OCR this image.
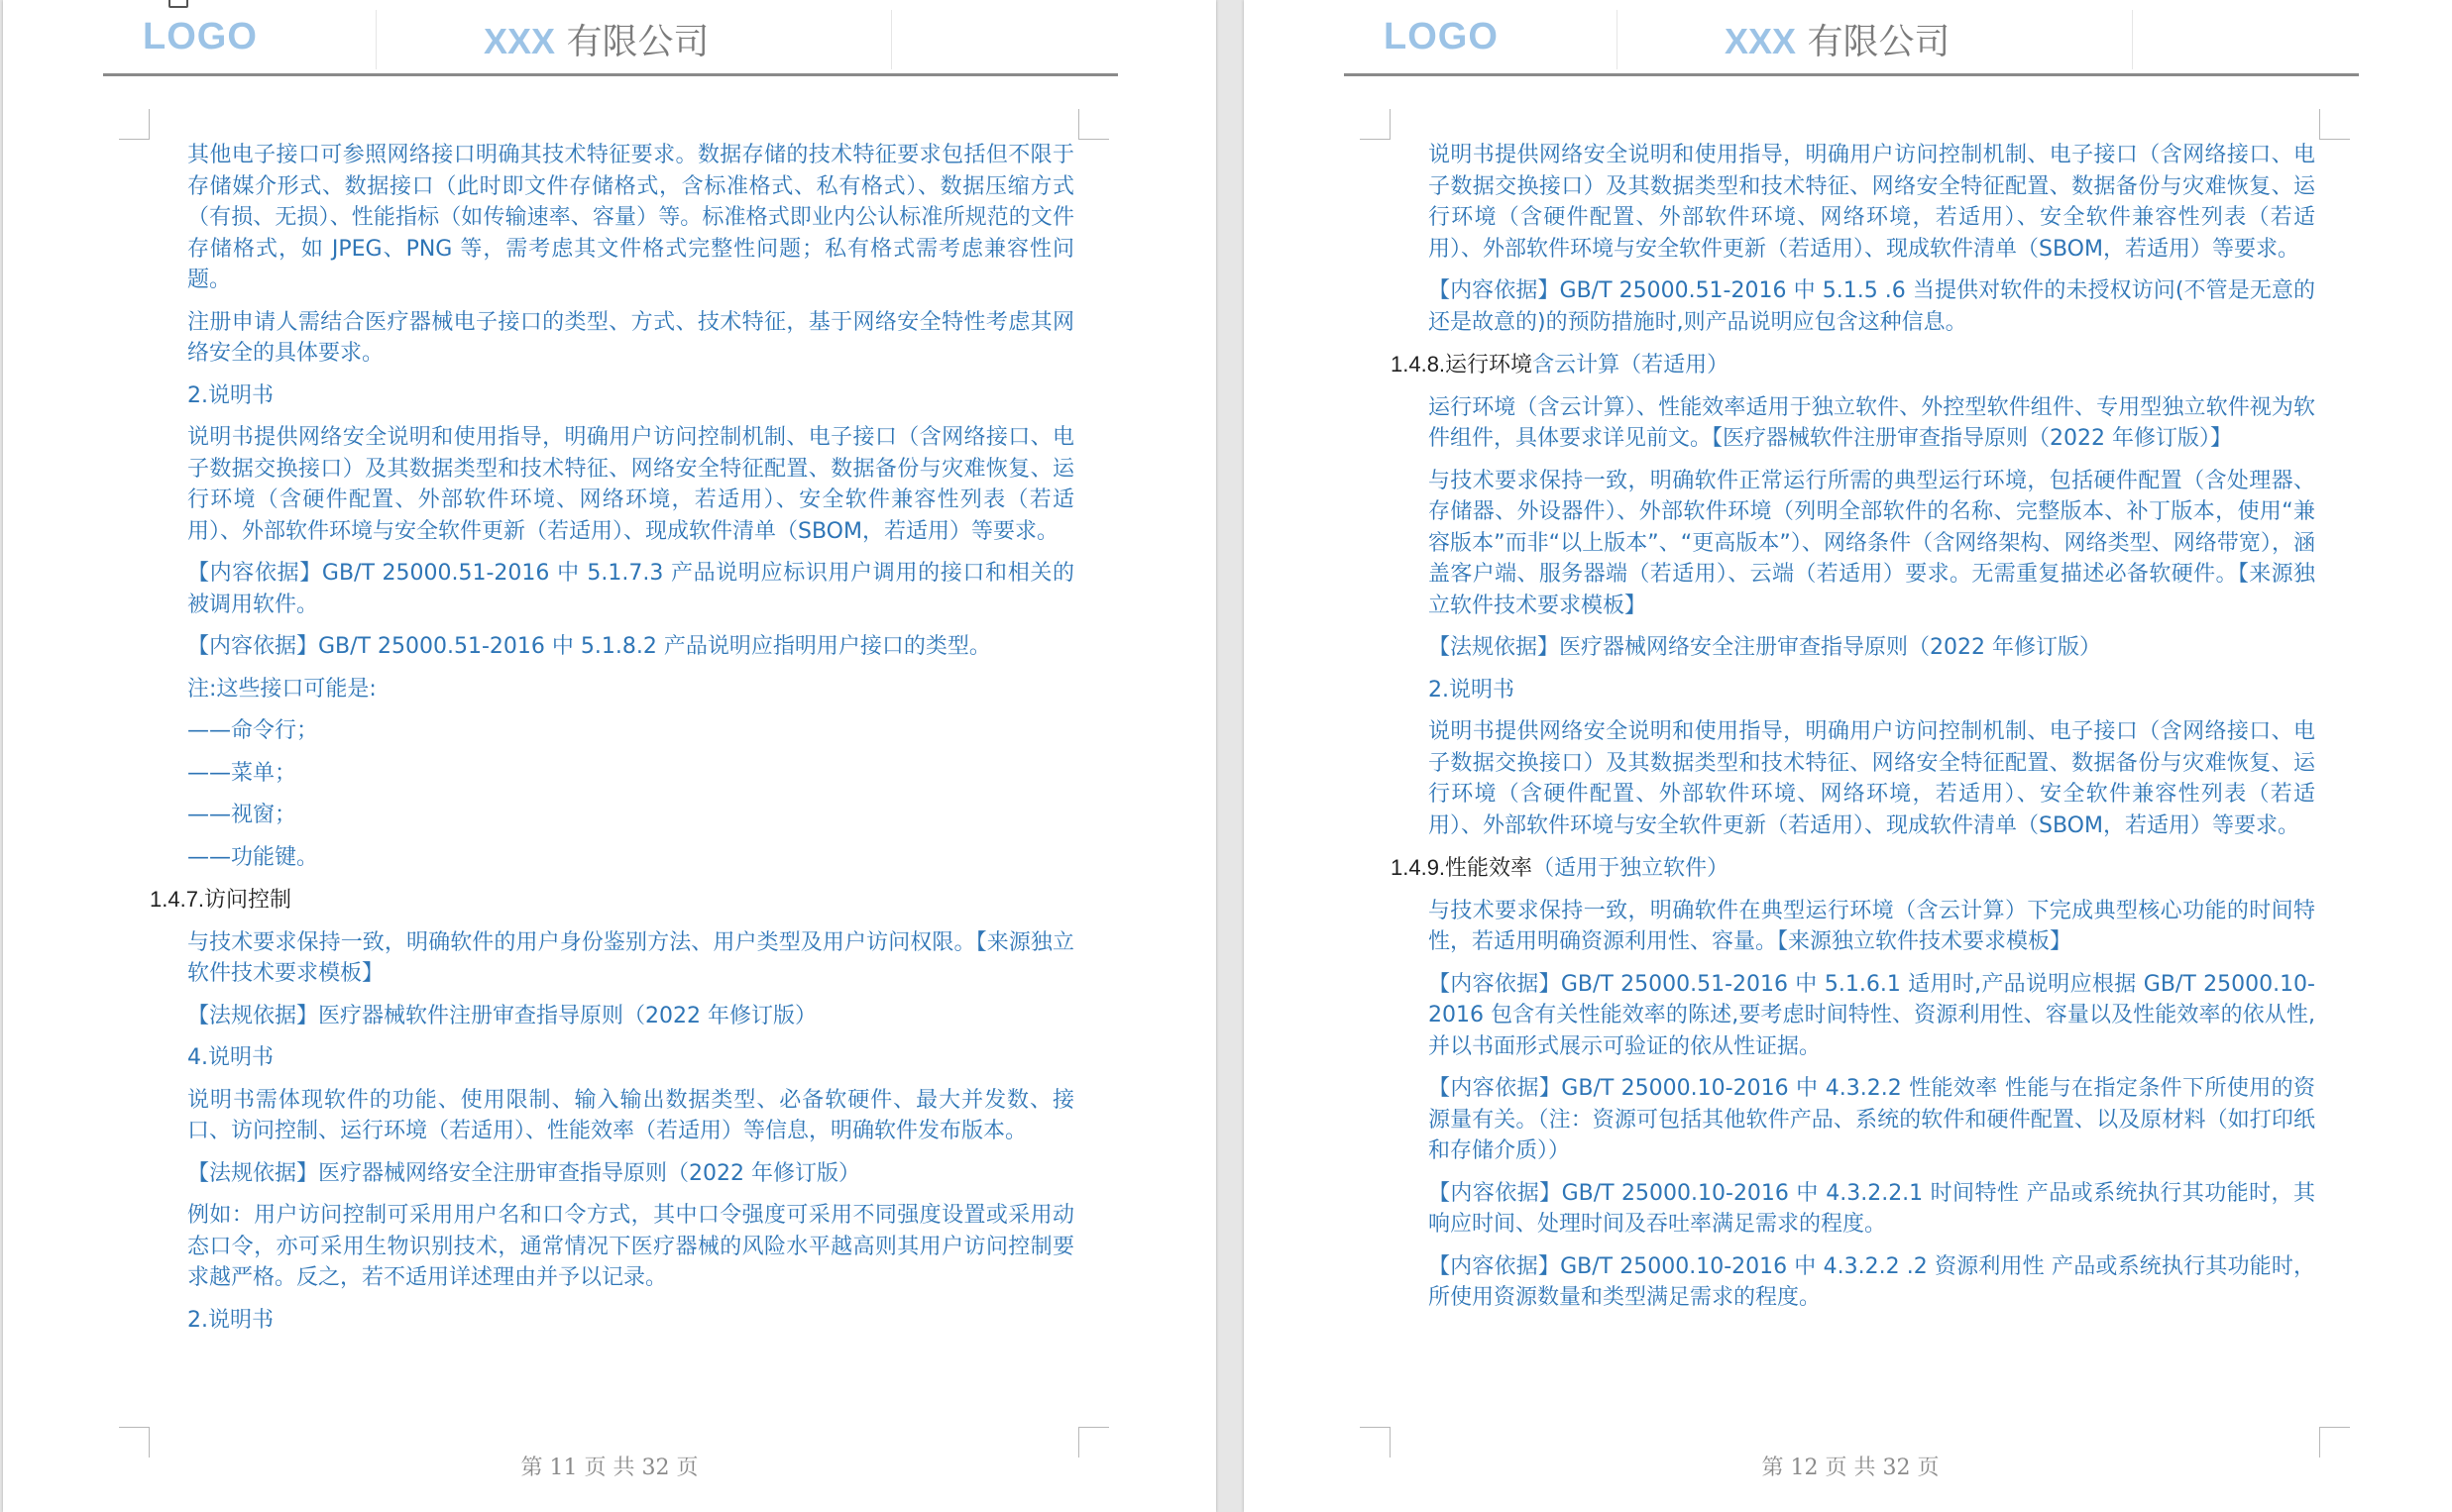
LOGO	XXX 有限公司
其他电子接口可参照网络接口明确其技术特征要求。数据存储的技术特征要求包括但不限于存储媒介形式、数据接口（此时即文件存储格式，含标准格式、私有格式）、数据压缩方式（有损、无损）、性能指标（如传输速率、容量）等。标准格式即业内公认标准所规范的文件存储格式，如 JPEG、PNG 等，需考虑其文件格式完整性问题；私有格式需考虑兼容性问题。
注册申请人需结合医疗器械电子接口的类型、方式、技术特征，基于网络安全特性考虑其网络安全的具体要求。
2.说明书
说明书提供网络安全说明和使用指导，明确用户访问控制机制、电子接口（含网络接口、电子数据交换接口）及其数据类型和技术特征、网络安全特征配置、数据备份与灾难恢复、运行环境（含硬件配置、外部软件环境、网络环境，若适用）、安全软件兼容性列表（若适用）、外部软件环境与安全软件更新（若适用）、现成软件清单（SBOM，若适用）等要求。
【内容依据】GB/T 25000.51-2016 中 5.1.7.3 产品说明应标识用户调用的接口和相关的被调用软件。
【内容依据】GB/T 25000.51-2016 中 5.1.8.2 产品说明应指明用户接口的类型。
注:这些接口可能是:
——命令行；
——菜单；
——视窗；
——功能键。
1.4.7.访问控制
与技术要求保持一致，明确软件的用户身份鉴别方法、用户类型及用户访问权限。【来源独立软件技术要求模板】
【法规依据】医疗器械软件注册审查指导原则（2022 年修订版）
4.说明书
说明书需体现软件的功能、使用限制、输入输出数据类型、必备软硬件、最大并发数、接口、访问控制、运行环境（若适用）、性能效率（若适用）等信息，明确软件发布版本。
【法规依据】医疗器械网络安全注册审查指导原则（2022 年修订版）
例如：用户访问控制可采用用户名和口令方式，其中口令强度可采用不同强度设置或采用动态口令，亦可采用生物识别技术，通常情况下医疗器械的风险水平越高则其用户访问控制要求越严格。反之，若不适用详述理由并予以记录。
2.说明书
第 11 页 共 32 页
LOGO	XXX 有限公司
说明书提供网络安全说明和使用指导，明确用户访问控制机制、电子接口（含网络接口、电子数据交换接口）及其数据类型和技术特征、网络安全特征配置、数据备份与灾难恢复、运行环境（含硬件配置、外部软件环境、网络环境，若适用）、安全软件兼容性列表（若适用）、外部软件环境与安全软件更新（若适用）、现成软件清单（SBOM，若适用）等要求。
【内容依据】GB/T 25000.51-2016 中 5.1.5 .6 当提供对软件的未授权访问(不管是无意的还是故意的)的预防措施时,则产品说明应包含这种信息。
1.4.8.运行环境含云计算（若适用）
运行环境（含云计算）、性能效率适用于独立软件、外控型软件组件、专用型独立软件视为软件组件，具体要求详见前文。【医疗器械软件注册审查指导原则（2022 年修订版）】
与技术要求保持一致，明确软件正常运行所需的典型运行环境，包括硬件配置（含处理器、存储器、外设器件）、外部软件环境（列明全部软件的名称、完整版本、补丁版本，使用“兼容版本”而非“以上版本”、“更高版本”）、网络条件（含网络架构、网络类型、网络带宽），涵盖客户端、服务器端（若适用）、云端（若适用）要求。无需重复描述必备软硬件。【来源独立软件技术要求模板】
【法规依据】医疗器械网络安全注册审查指导原则（2022 年修订版）
2.说明书
说明书提供网络安全说明和使用指导，明确用户访问控制机制、电子接口（含网络接口、电子数据交换接口）及其数据类型和技术特征、网络安全特征配置、数据备份与灾难恢复、运行环境（含硬件配置、外部软件环境、网络环境，若适用）、安全软件兼容性列表（若适用）、外部软件环境与安全软件更新（若适用）、现成软件清单（SBOM，若适用）等要求。
1.4.9.性能效率（适用于独立软件）
与技术要求保持一致，明确软件在典型运行环境（含云计算）下完成典型核心功能的时间特性，若适用明确资源利用性、容量。【来源独立软件技术要求模板】
【内容依据】GB/T 25000.51-2016 中 5.1.6.1 适用时,产品说明应根据 GB/T 25000.10-2016 包含有关性能效率的陈述,要考虑时间特性、资源利用性、容量以及性能效率的依从性,并以书面形式展示可验证的依从性证据。
【内容依据】GB/T 25000.10-2016 中 4.3.2.2 性能效率 性能与在指定条件下所使用的资源量有关。（注：资源可包括其他软件产品、系统的软件和硬件配置、以及原材料（如打印纸和存储介质））
【内容依据】GB/T 25000.10-2016 中 4.3.2.2.1 时间特性 产品或系统执行其功能时，其响应时间、处理时间及吞吐率满足需求的程度。
【内容依据】GB/T 25000.10-2016 中 4.3.2.2 .2 资源利用性 产品或系统执行其功能时，所使用资源数量和类型满足需求的程度。
第 12 页 共 32 页
